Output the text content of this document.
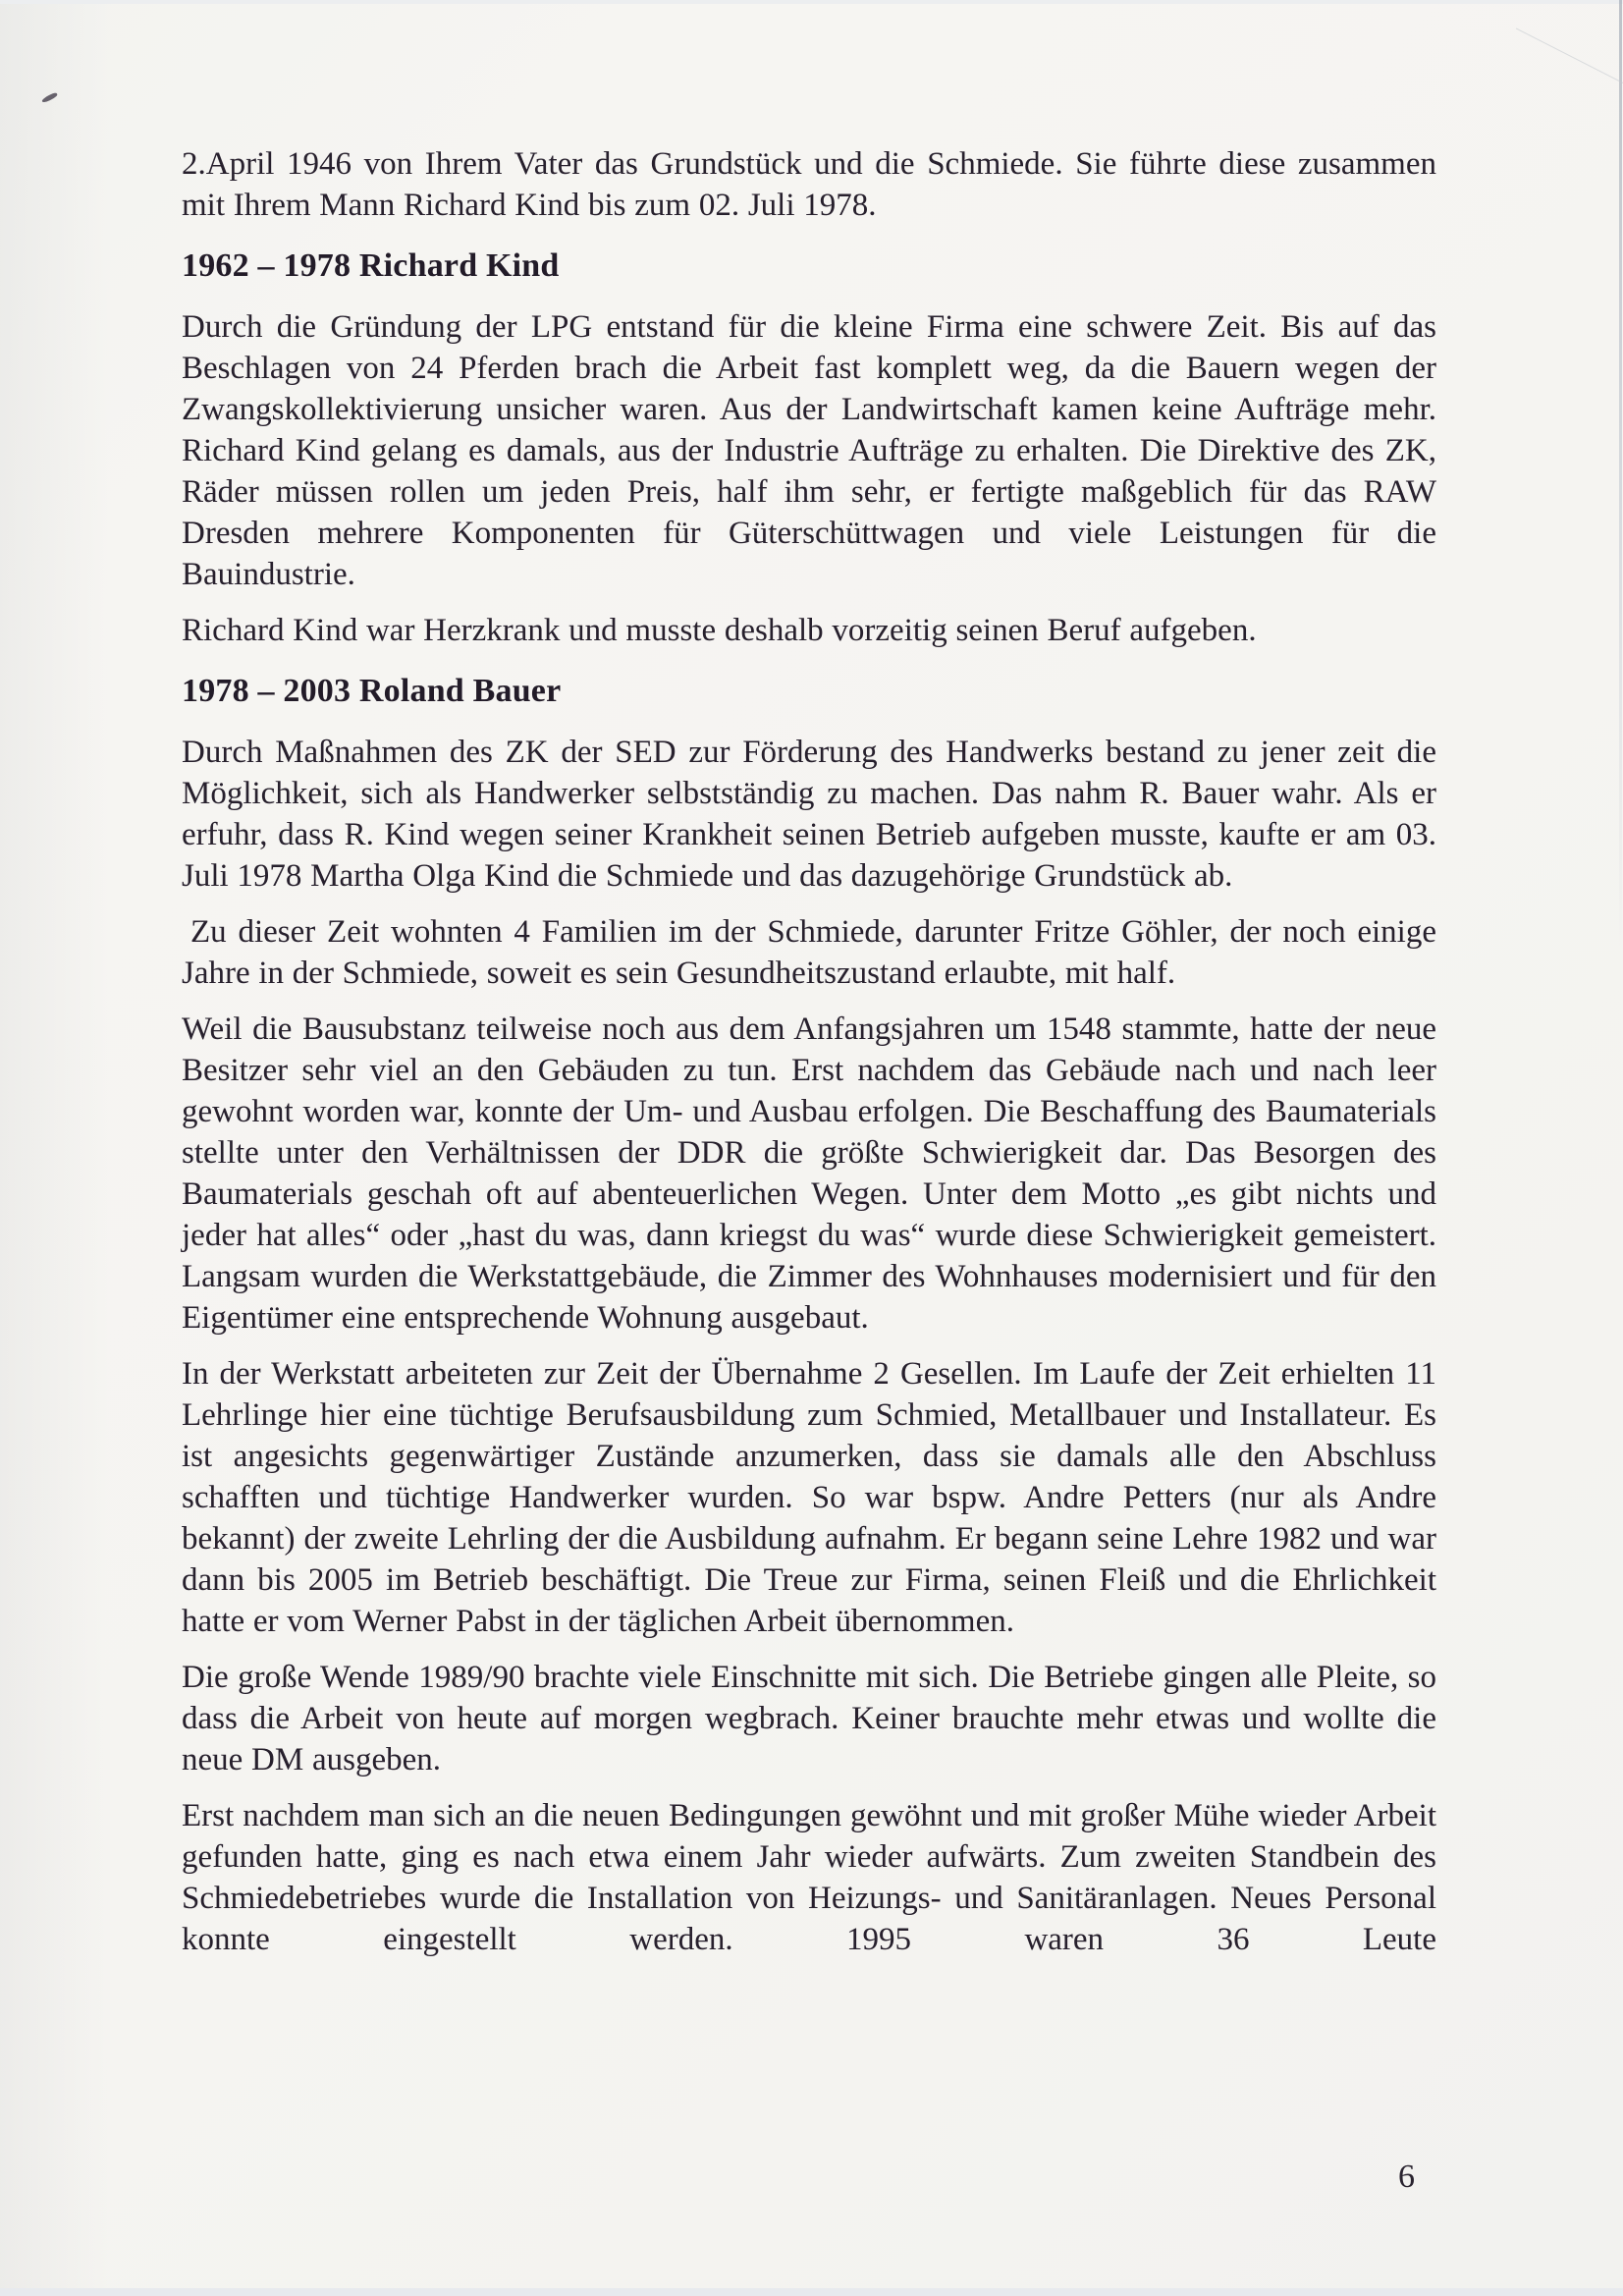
2.April 1946 von Ihrem Vater das Grundstück und die Schmiede. Sie führte diese zusammen mit Ihrem Mann Richard Kind bis zum 02. Juli 1978.

1962 – 1978 Richard Kind

Durch die Gründung der LPG entstand für die kleine Firma eine schwere Zeit. Bis auf das Beschlagen von 24 Pferden brach die Arbeit fast komplett weg, da die Bauern wegen der Zwangskollektivierung unsicher waren. Aus der Landwirtschaft kamen keine Aufträge mehr. Richard Kind gelang es damals, aus der Industrie Aufträge zu erhalten. Die Direktive des ZK, Räder müssen rollen um jeden Preis, half ihm sehr, er fertigte maßgeblich für das RAW Dresden mehrere Komponenten für Güterschüttwagen und viele Leistungen für die Bauindustrie.

Richard Kind war Herzkrank und musste deshalb vorzeitig seinen Beruf aufgeben.

1978 – 2003 Roland Bauer

Durch Maßnahmen des ZK der SED zur Förderung des Handwerks bestand zu jener zeit die Möglichkeit, sich als Handwerker selbstständig zu machen. Das nahm R. Bauer wahr. Als er erfuhr, dass R. Kind wegen seiner Krankheit seinen Betrieb aufgeben musste, kaufte er am 03. Juli 1978 Martha Olga Kind die Schmiede und das dazugehörige Grundstück ab.

Zu dieser Zeit wohnten 4 Familien im der Schmiede, darunter Fritze Göhler, der noch einige Jahre in der Schmiede, soweit es sein Gesundheitszustand erlaubte, mit half.

Weil die Bausubstanz teilweise noch aus dem Anfangsjahren um 1548 stammte, hatte der neue Besitzer sehr viel an den Gebäuden zu tun. Erst nachdem das Gebäude nach und nach leer gewohnt worden war, konnte der Um- und Ausbau erfolgen. Die Beschaffung des Baumaterials stellte unter den Verhältnissen der DDR die größte Schwierigkeit dar. Das Besorgen des Baumaterials geschah oft auf abenteuerlichen Wegen. Unter dem Motto „es gibt nichts und jeder hat alles“ oder „hast du was, dann kriegst du was“ wurde diese Schwierigkeit gemeistert. Langsam wurden die Werkstattgebäude, die Zimmer des Wohnhauses modernisiert und für den Eigentümer eine entsprechende Wohnung ausgebaut.

In der Werkstatt arbeiteten zur Zeit der Übernahme 2 Gesellen. Im Laufe der Zeit erhielten 11 Lehrlinge hier eine tüchtige Berufsausbildung zum Schmied, Metallbauer und Installateur. Es ist angesichts gegenwärtiger Zustände anzumerken, dass sie damals alle den Abschluss schafften und tüchtige Handwerker wurden. So war bspw. Andre Petters (nur als Andre bekannt) der zweite Lehrling der die Ausbildung aufnahm. Er begann seine Lehre 1982 und war dann bis 2005 im Betrieb beschäftigt. Die Treue zur Firma, seinen Fleiß und die Ehrlichkeit hatte er vom Werner Pabst in der täglichen Arbeit übernommen.

Die große Wende 1989/90 brachte viele Einschnitte mit sich. Die Betriebe gingen alle Pleite, so dass die Arbeit von heute auf morgen wegbrach. Keiner brauchte mehr etwas und wollte die neue DM ausgeben.

Erst nachdem man sich an die neuen Bedingungen gewöhnt und mit großer Mühe wieder Arbeit gefunden hatte, ging es nach etwa einem Jahr wieder aufwärts. Zum zweiten Standbein des Schmiedebetriebes wurde die Installation von Heizungs- und Sanitäranlagen. Neues Personal konnte eingestellt werden. 1995 waren 36 Leute

6
